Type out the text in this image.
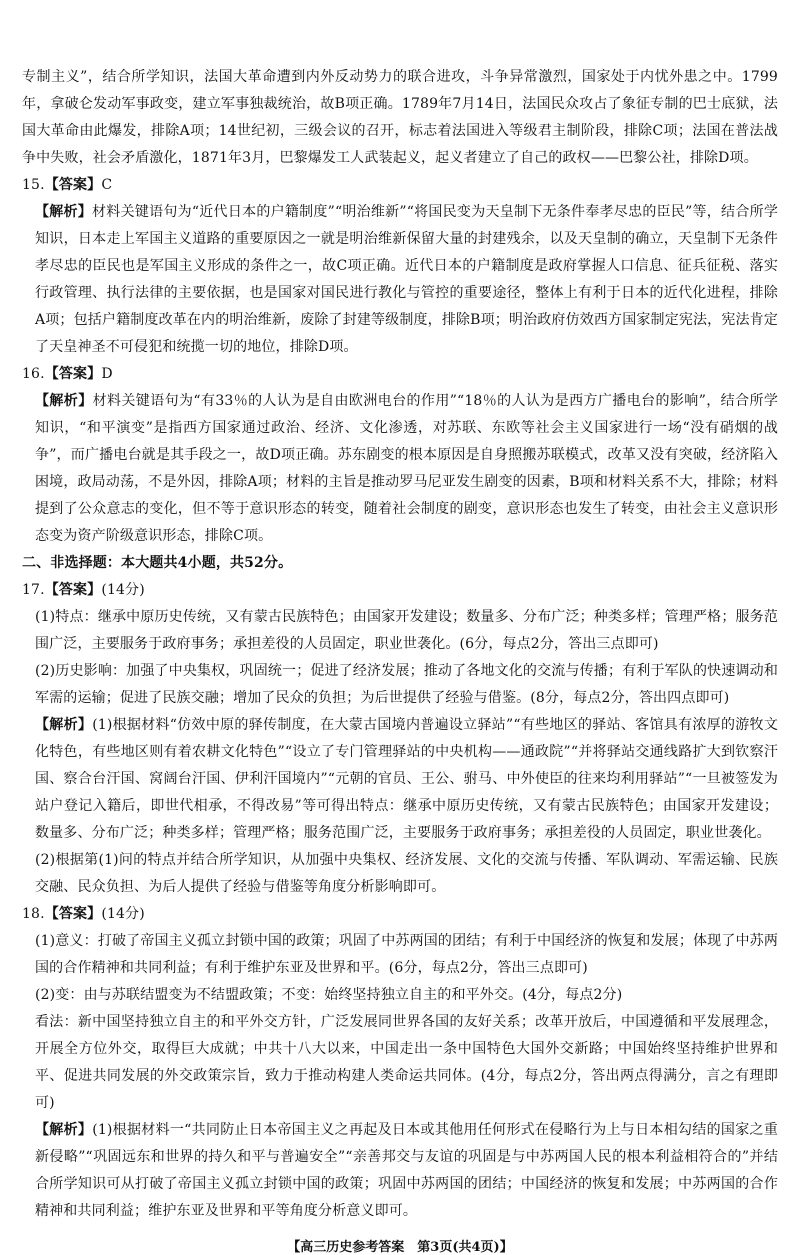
专制主义”，结合所学知识，法国大革命遭到内外反动势力的联合进攻，斗争异常激烈，国家处于内忧外患之中。1799年，拿破仑发动军事政变，建立军事独裁统治，故B项正确。1789年7月14日，法国民众攻占了象征专制的巴士底狱，法国大革命由此爆发，排除A项；14世纪初，三级会议的召开，标志着法国进入等级君主制阶段，排除C项；法国在普法战争中失败，社会矛盾激化，1871年3月，巴黎爆发工人武装起义，起义者建立了自己的政权——巴黎公社，排除D项。

15.【答案】C

【解析】材料关键语句为“近代日本的户籍制度”“明治维新”“将国民变为天皇制下无条件奉孝尽忠的臣民”等，结合所学知识，日本走上军国主义道路的重要原因之一就是明治维新保留大量的封建残余，以及天皇制的确立，天皇制下无条件孝尽忠的臣民也是军国主义形成的条件之一，故C项正确。近代日本的户籍制度是政府掌握人口信息、征兵征税、落实行政管理、执行法律的主要依据，也是国家对国民进行教化与管控的重要途径，整体上有利于日本的近代化进程，排除A项；包括户籍制度改革在内的明治维新，废除了封建等级制度，排除B项；明治政府仿效西方国家制定宪法，宪法肯定了天皇神圣不可侵犯和统揽一切的地位，排除D项。

16.【答案】D

【解析】材料关键语句为“有33％的人认为是自由欧洲电台的作用”“18％的人认为是西方广播电台的影响”，结合所学知识，“和平演变”是指西方国家通过政治、经济、文化渗透，对苏联、东欧等社会主义国家进行一场“没有硝烟的战争”，而广播电台就是其手段之一，故D项正确。苏东剧变的根本原因是自身照搬苏联模式，改革又没有突破，经济陷入困境，政局动荡，不是外因，排除A项；材料的主旨是推动罗马尼亚发生剧变的因素，B项和材料关系不大，排除；材料提到了公众意志的变化，但不等于意识形态的转变，随着社会制度的剧变，意识形态也发生了转变，由社会主义意识形态变为资产阶级意识形态，排除C项。

二、非选择题：本大题共4小题，共52分。

17.【答案】(14分)

(1)特点：继承中原历史传统，又有蒙古民族特色；由国家开发建设；数量多、分布广泛；种类多样；管理严格；服务范围广泛，主要服务于政府事务；承担差役的人员固定，职业世袭化。(6分，每点2分，答出三点即可)

(2)历史影响：加强了中央集权，巩固统一；促进了经济发展；推动了各地文化的交流与传播；有利于军队的快速调动和军需的运输；促进了民族交融；增加了民众的负担；为后世提供了经验与借鉴。(8分，每点2分，答出四点即可)

【解析】(1)根据材料“仿效中原的驿传制度，在大蒙古国境内普遍设立驿站”“有些地区的驿站、客馆具有浓厚的游牧文化特色，有些地区则有着农耕文化特色”“设立了专门管理驿站的中央机构——通政院”“并将驿站交通线路扩大到钦察汗国、察合台汗国、窝阔台汗国、伊利汗国境内”“元朝的官员、王公、驸马、中外使臣的往来均利用驿站”“一旦被签发为站户登记入籍后，即世代相承，不得改易”等可得出特点：继承中原历史传统，又有蒙古民族特色；由国家开发建设；数量多、分布广泛；种类多样；管理严格；服务范围广泛，主要服务于政府事务；承担差役的人员固定，职业世袭化。

(2)根据第(1)问的特点并结合所学知识，从加强中央集权、经济发展、文化的交流与传播、军队调动、军需运输、民族交融、民众负担、为后人提供了经验与借鉴等角度分析影响即可。

18.【答案】(14分)

(1)意义：打破了帝国主义孤立封锁中国的政策；巩固了中苏两国的团结；有利于中国经济的恢复和发展；体现了中苏两国的合作精神和共同利益；有利于维护东亚及世界和平。(6分，每点2分，答出三点即可)

(2)变：由与苏联结盟变为不结盟政策；不变：始终坚持独立自主的和平外交。(4分，每点2分)

看法：新中国坚持独立自主的和平外交方针，广泛发展同世界各国的友好关系；改革开放后，中国遵循和平发展理念，开展全方位外交，取得巨大成就；中共十八大以来，中国走出一条中国特色大国外交新路；中国始终坚持维护世界和平、促进共同发展的外交政策宗旨，致力于推动构建人类命运共同体。(4分，每点2分，答出两点得满分，言之有理即可)

【解析】(1)根据材料一“共同防止日本帝国主义之再起及日本或其他用任何形式在侵略行为上与日本相勾结的国家之重新侵略”“巩固远东和世界的持久和平与普遍安全”“亲善邦交与友谊的巩固是与中苏两国人民的根本利益相符合的”并结合所学知识可从打破了帝国主义孤立封锁中国的政策；巩固中苏两国的团结；中国经济的恢复和发展；中苏两国的合作精神和共同利益；维护东亚及世界和平等角度分析意义即可。

【高三历史参考答案　第3页(共4页)】
